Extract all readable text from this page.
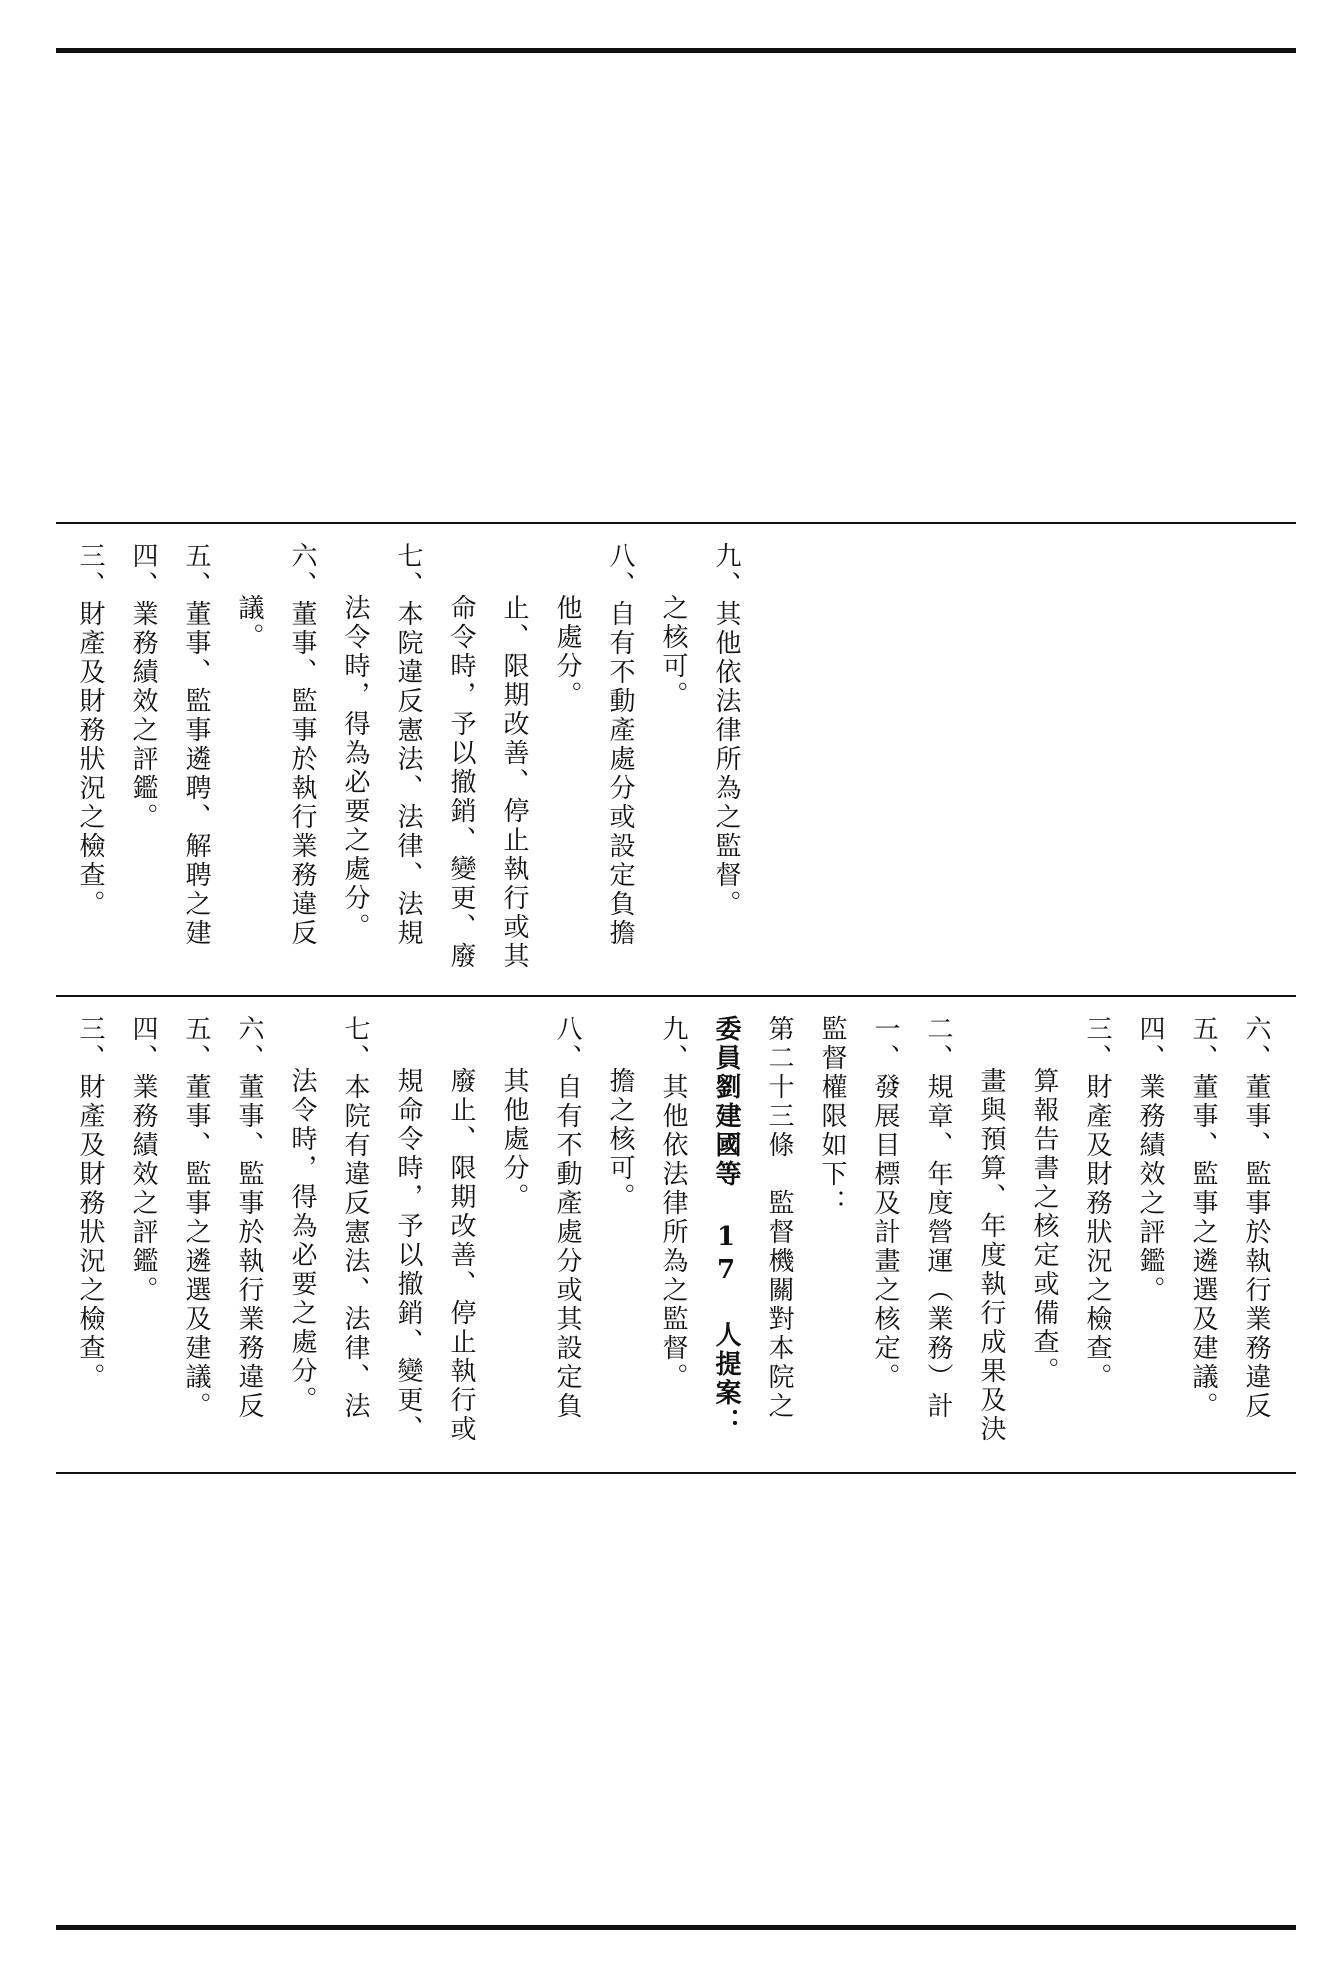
三、財產及財務狀況之檢查。 四、業務績效之評鑑。 五、董事、監事遴聘、解聘之建 議。 六、董事、監事於執行業務違反 法令時，得為必要之處分。 七、本院違反憲法、法律、法規 命令時，予以撤銷、變更、廢 止、限期改善、停止執行或其 他處分。 八、自有不動產處分或設定負擔 之核可。 九、其他依法律所為之監督。
三、財產及財務狀況之檢查。 四、業務績效之評鑑。 五、董事、監事之遴選及建議。 六、董事、監事於執行業務違反 法令時，得為必要之處分。 七、本院有違反憲法、法律、法 規命令時，予以撤銷、變更、 廢止、限期改善、停止執行或 其他處分。 八、自有不動產處分或其設定負 擔之核可。 九、其他依法律所為之監督。 委員劉建國等 17 人提案： 第二十三條　監督機關對本院之 監督權限如下： 一、發展目標及計畫之核定。 二、規章、年度營運（業務）計 畫與預算、年度執行成果及決 算報告書之核定或備查。 三、財產及財務狀況之檢查。 四、業務績效之評鑑。 五、董事、監事之遴選及建議。 六、董事、監事於執行業務違反
